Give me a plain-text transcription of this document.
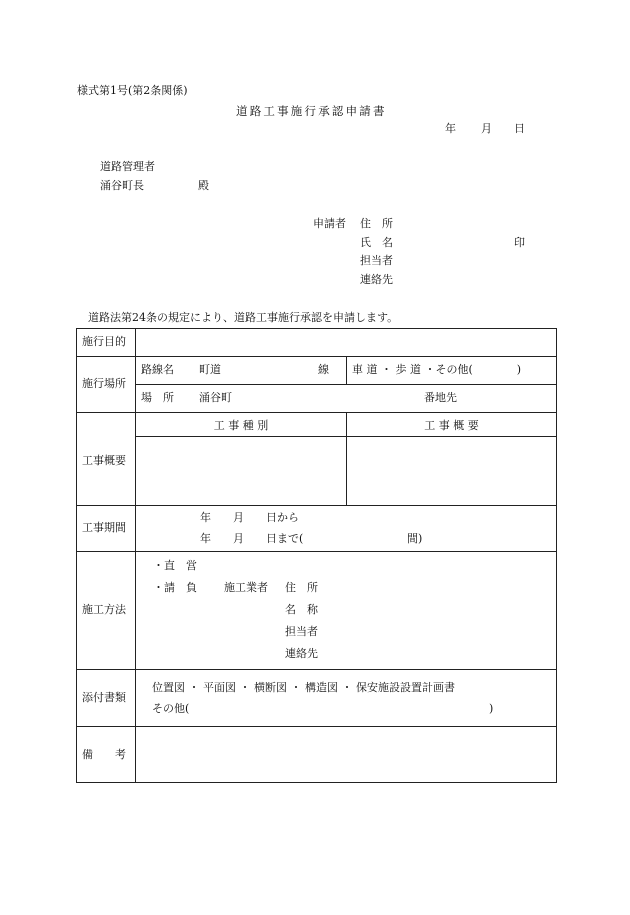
様式第1号(第2条関係)
道路工事施行承認申請書
年 月 日
道路管理者
涌谷町長	殿
申請者 住　所
氏　名	印
担当者
連絡先
道路法第24条の規定により、道路工事施行承認を申請します。
施行目的
施行場所
路線名 町道	線 車 道 ・ 歩 道 ・その他(　　　　)
場　所 涌谷町	番地先
工事概要
工 事 種 別	工 事 概 要
工事期間
年　　月　　日から
年　　月　　日まで(	間)
施工方法
・直　営
・請　負 施工業者 住　所
名　称
担当者
連絡先
添付書類
位置図 ・ 平面図 ・ 横断図 ・ 構造図 ・ 保安施設設置計画書
その他(	)
備　　考
